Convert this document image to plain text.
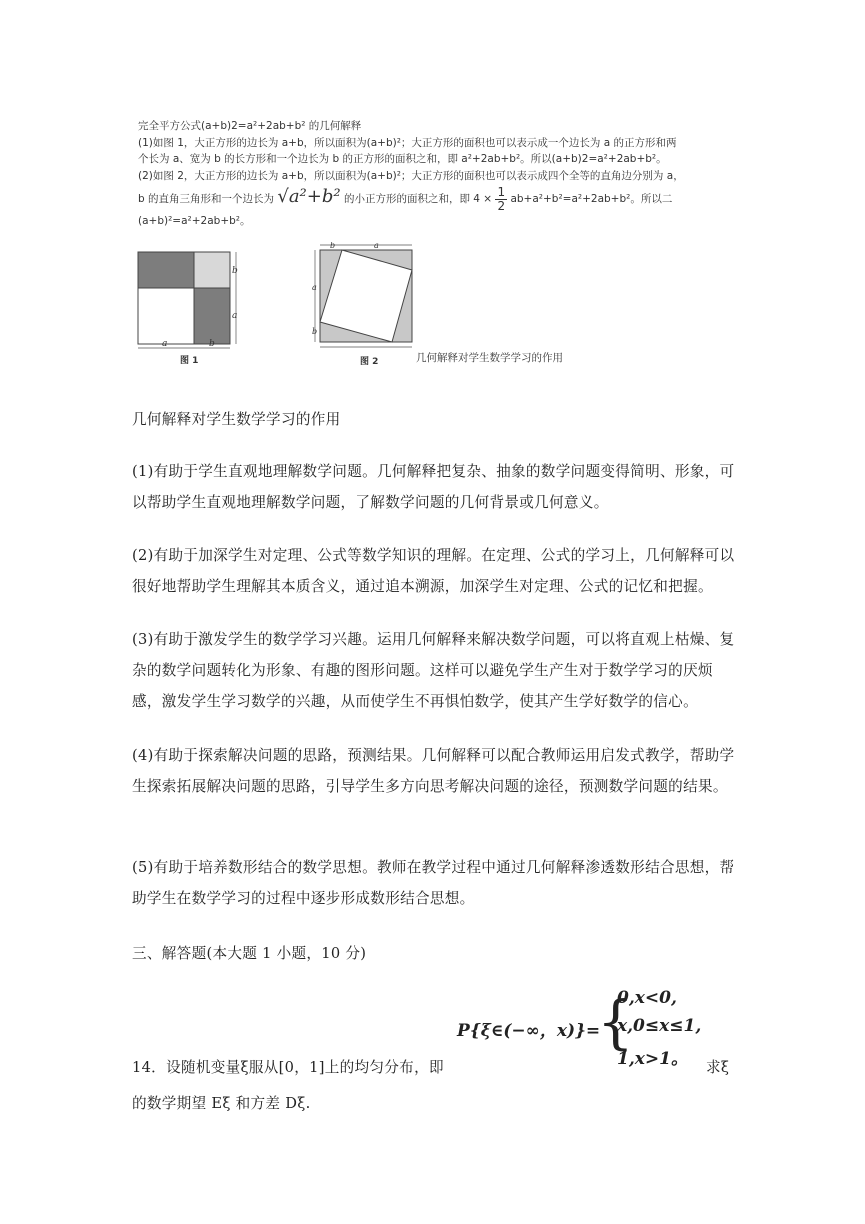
完全平方公式(a+b)2=a²+2ab+b² 的几何解释

(1)如图 1，大正方形的边长为 a+b，所以面积为(a+b)²；大正方形的面积也可以表示成一个边长为 a 的正方形和两

个长为 a、宽为 b 的长方形和一个边长为 b 的正方形的面积之和，即 a²+2ab+b²。所以(a+b)2=a²+2ab+b²。

(2)如图 2，大正方形的边长为 a+b，所以面积为(a+b)²；大正方形的面积也可以表示成四个全等的直角边分别为 a，

b 的直角三角形和一个边长为 √a²+b² 的小正方形的面积之和，即 $4 \times \frac{1}{2} ab+a^2+b^2=a^2+2ab+b^2$。所以二

(a+b)²=a²+2ab+b²。

b
a
a	b
图 1
b	a
a
b
图 2	几何解释对学生数学学习的作用
几何解释对学生数学学习的作用
(1)有助于学生直观地理解数学问题。几何解释把复杂、抽象的数学问题变得简明、形象，可以帮助学生直观地理解数学问题，了解数学问题的几何背景或几何意义。
(2)有助于加深学生对定理、公式等数学知识的理解。在定理、公式的学习上，几何解释可以很好地帮助学生理解其本质含义，通过追本溯源，加深学生对定理、公式的记忆和把握。
(3)有助于激发学生的数学学习兴趣。运用几何解释来解决数学问题，可以将直观上枯燥、复杂的数学问题转化为形象、有趣的图形问题。这样可以避免学生产生对于数学学习的厌烦感，激发学生学习数学的兴趣，从而使学生不再惧怕数学，使其产生学好数学的信心。
(4)有助于探索解决问题的思路，预测结果。几何解释可以配合教师运用启发式教学，帮助学生探索拓展解决问题的思路，引导学生多方向思考解决问题的途径，预测数学问题的结果。
(5)有助于培养数形结合的数学思想。教师在教学过程中通过几何解释渗透数形结合思想，帮助学生在数学学习的过程中逐步形成数形结合思想。
三、解答题(本大题 1 小题，10 分)
P{ξ∈(−∞，x)}=
{
0,x<0,
x,0≤x≤1,
1,x>1。
14．设随机变量ξ服从[0，1]上的均匀分布，即	求ξ
的数学期望 Eξ 和方差 Dξ.
